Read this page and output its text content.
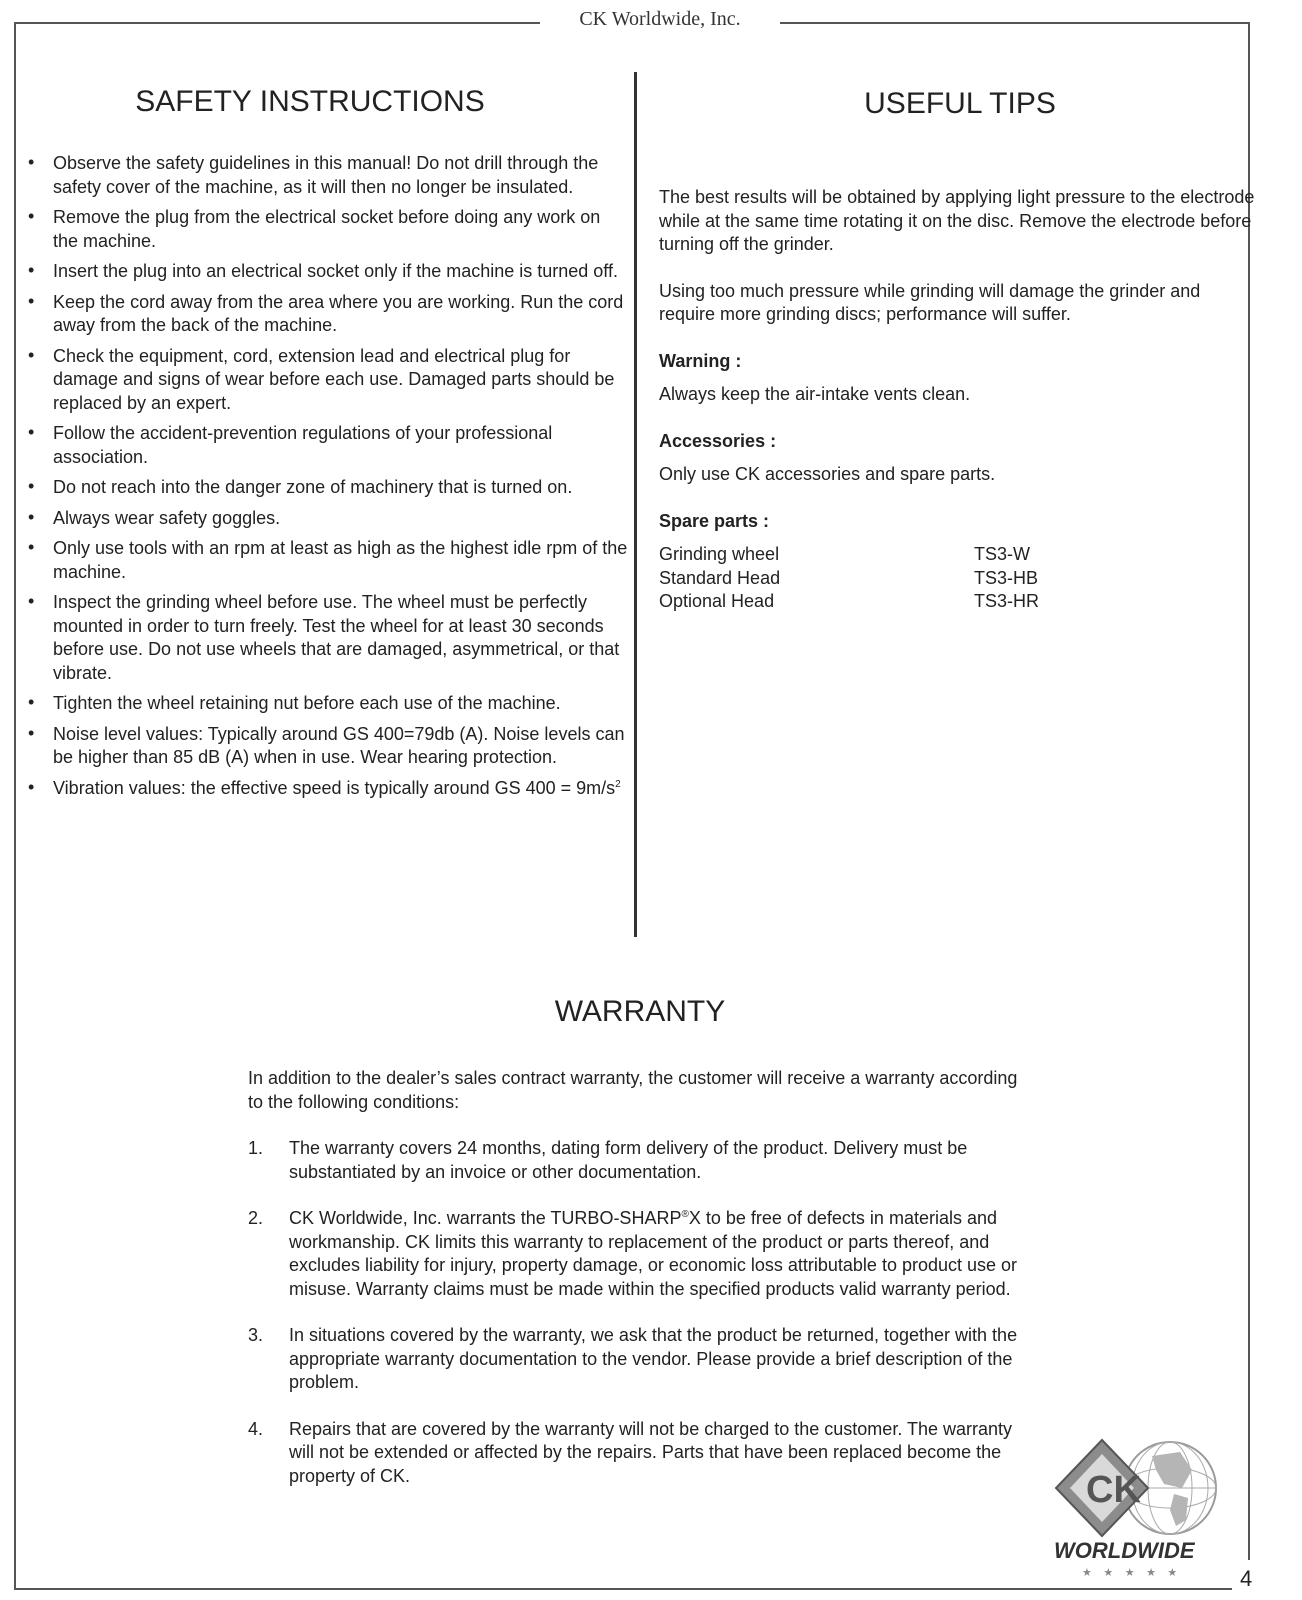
CK Worldwide, Inc.
SAFETY INSTRUCTIONS
• Observe the safety guidelines in this manual! Do not drill through the safety cover of the machine, as it will then no longer be insulated.
• Remove the plug from the electrical socket before doing any work on the machine.
• Insert the plug into an electrical socket only if the machine is turned off.
• Keep the cord away from the area where you are working. Run the cord away from the back of the machine.
• Check the equipment, cord, extension lead and electrical plug for damage and signs of wear before each use. Damaged parts should be replaced by an expert.
• Follow the accident-prevention regulations of your professional association.
• Do not reach into the danger zone of machinery that is turned on.
• Always wear safety goggles.
• Only use tools with an rpm at least as high as the highest idle rpm of the machine.
• Inspect the grinding wheel before use. The wheel must be perfectly mounted in order to turn freely. Test the wheel for at least 30 seconds before use. Do not use wheels that are damaged, asymmetrical, or that vibrate.
• Tighten the wheel retaining nut before each use of the machine.
• Noise level values: Typically around GS 400=79db (A). Noise levels can be higher than 85 dB (A) when in use. Wear hearing protection.
• Vibration values: the effective speed is typically around GS $400 = 9m/s^2$
USEFUL TIPS

The best results will be obtained by applying light pressure to the electrode while at the same time rotating it on the disc. Remove the electrode before turning off the grinder.

Using too much pressure while grinding will damage the grinder and require more grinding discs; performance will suffer.

Warning :

Always keep the air-intake vents clean.

Accessories :

Only use CK accessories and spare parts.

Spare parts :

Grinding wheel	TS3-W
Standard Head	TS3-HB
Optional Head	TS3-HR
WARRANTY

In addition to the dealer’s sales contract warranty, the customer will receive a warranty according to the following conditions:

1. The warranty covers 24 months, dating form delivery of the product. Delivery must be substantiated by an invoice or other documentation.
2. CK Worldwide, Inc. warrants the TURBO-SHARP®X to be free of defects in materials and workmanship. CK limits this warranty to replacement of the product or parts thereof, and excludes liability for injury, property damage, or economic loss attributable to product use or misuse. Warranty claims must be made within the specified products valid warranty period.
3. In situations covered by the warranty, we ask that the product be returned, together with the appropriate warranty documentation to the vendor. Please provide a brief description of the problem.
4. Repairs that are covered by the warranty will not be charged to the customer. The warranty will not be extended or affected by the repairs. Parts that have been replaced become the property of CK.	CK
WORLDWIDE
★ ★ ★ ★ ★	4
